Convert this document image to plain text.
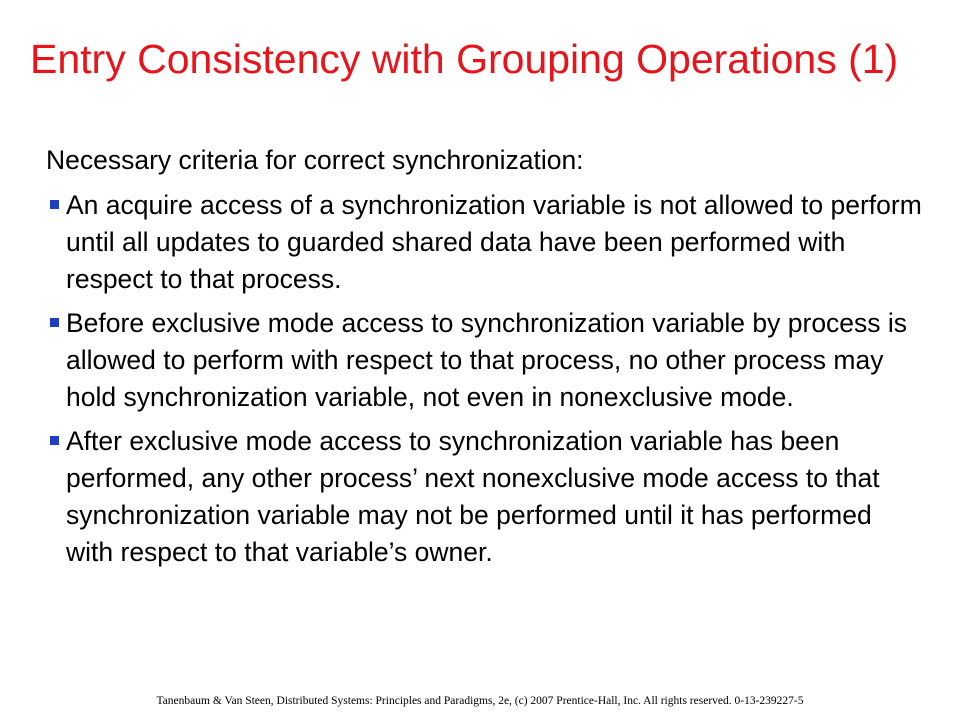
Entry Consistency with Grouping Operations (1)

Necessary criteria for correct synchronization:

An acquire access of a synchronization variable is not allowed to perform until all updates to guarded shared data have been performed with respect to that process.
Before exclusive mode access to synchronization variable by process is allowed to perform with respect to that process, no other process may hold synchronization variable, not even in nonexclusive mode.
After exclusive mode access to synchronization variable has been performed, any other process’ next nonexclusive mode access to that synchronization variable may not be performed until it has performed with respect to that variable’s owner.

Tanenbaum & Van Steen, Distributed Systems: Principles and Paradigms, 2e, (c) 2007 Prentice-Hall, Inc. All rights reserved. 0-13-239227-5
